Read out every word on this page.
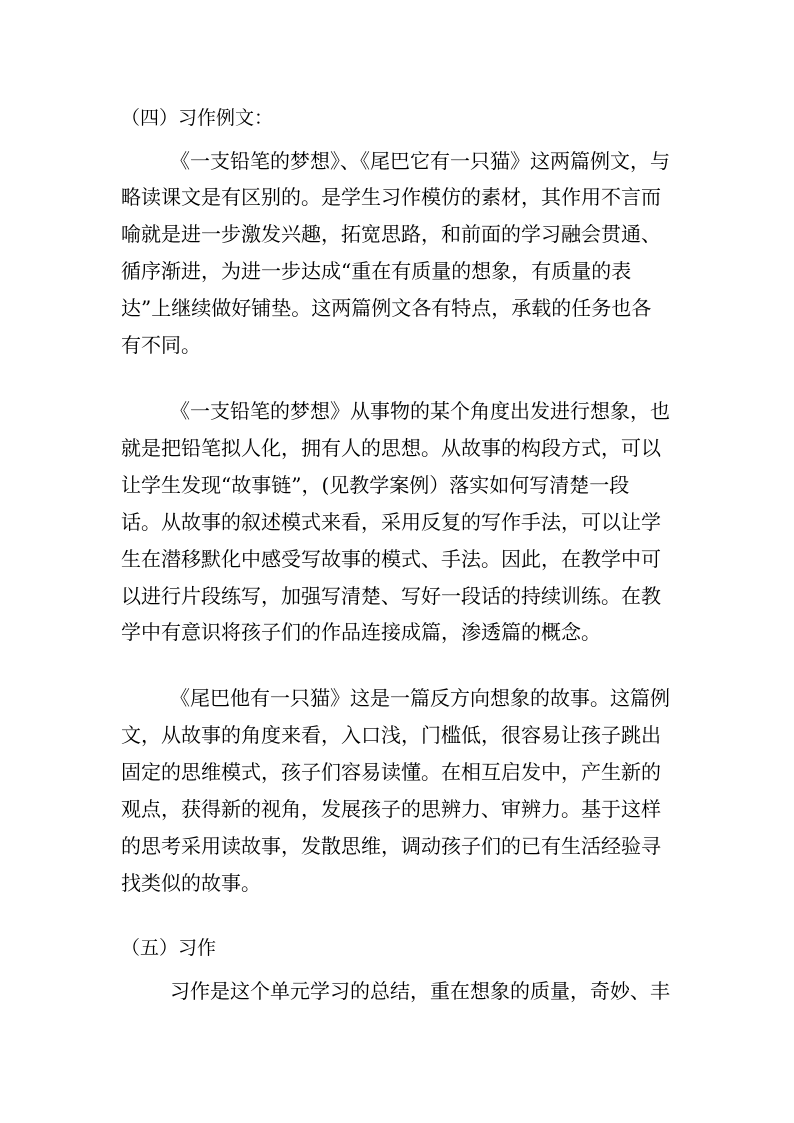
（四）习作例文：
《一支铅笔的梦想》、《尾巴它有一只猫》这两篇例文，与
略读课文是有区别的。是学生习作模仿的素材，其作用不言而
喻就是进一步激发兴趣，拓宽思路，和前面的学习融会贯通、
循序渐进，为进一步达成“重在有质量的想象，有质量的表
达”上继续做好铺垫。这两篇例文各有特点，承载的任务也各
有不同。
《一支铅笔的梦想》从事物的某个角度出发进行想象，也
就是把铅笔拟人化，拥有人的思想。从故事的构段方式，可以
让学生发现“故事链”，(见教学案例）落实如何写清楚一段
话。从故事的叙述模式来看，采用反复的写作手法，可以让学
生在潜移默化中感受写故事的模式、手法。因此，在教学中可
以进行片段练写，加强写清楚、写好一段话的持续训练。在教
学中有意识将孩子们的作品连接成篇，渗透篇的概念。
《尾巴他有一只猫》这是一篇反方向想象的故事。这篇例
文，从故事的角度来看，入口浅，门槛低，很容易让孩子跳出
固定的思维模式，孩子们容易读懂。在相互启发中，产生新的
观点，获得新的视角，发展孩子的思辨力、审辨力。基于这样
的思考采用读故事，发散思维，调动孩子们的已有生活经验寻
找类似的故事。
（五）习作
习作是这个单元学习的总结，重在想象的质量，奇妙、丰
